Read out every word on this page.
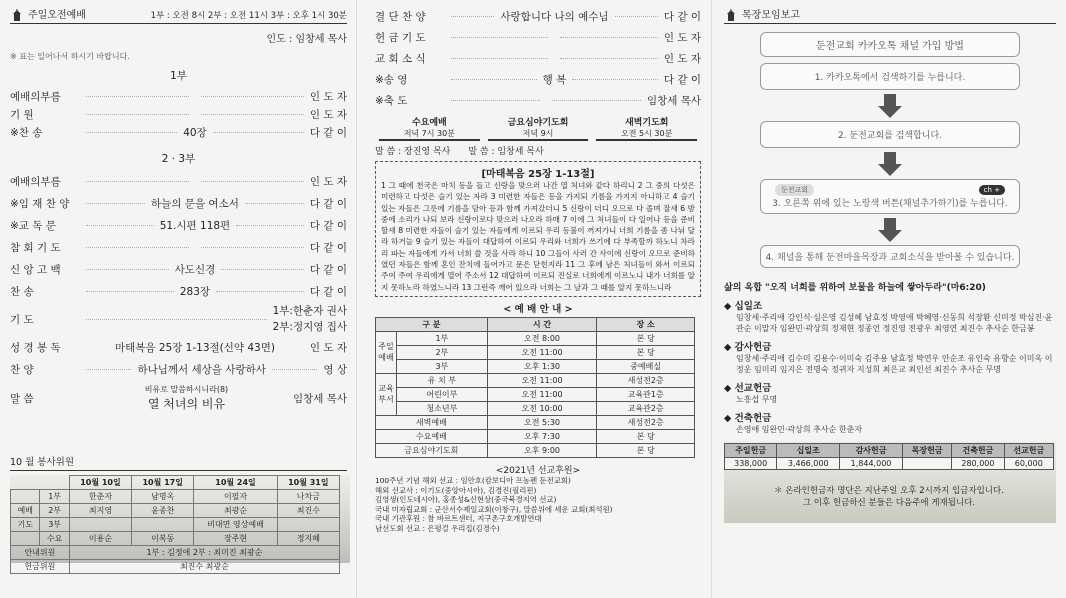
주일오전예배	1부 : 오전 8시 2부 : 오전 11시 3부 : 오후 1시 30분
인도 : 임창세 목사
※ 표는 일어나서 하시기 바랍니다.
1부
예배의부름	인 도 자
기 원	인 도 자
※찬 송	40장	다 같 이
2 · 3부
예배의부름	인 도 자
※임 재 찬 양	하늘의 문을 여소서	다 같 이
※교 독 문	51.시편 118편	다 같 이
참 회 기 도	다 같 이
신 앙 고 백	사도신경	다 같 이
찬 송	283장	다 같 이
기 도
1부:한춘자 권사
2부:정지영 집사
성 경 봉 독	마태복음 25장 1-13절(신약 43면)	인 도 자
찬 양	하나님께서 세상을 사랑하사	영 상
말 씀
비유로 말씀하시니라(8)
열 처녀의 비유	임창세 목사
10 월 봉사위원
		10월 10일	10월 17일	10월 24일	10월 31일
	1부	한춘자	남명옥	이필자	나차금
예배	2부	최지영	윤종찬	최광순	최진수
기도	3부			비대면 영상예배	
	수요	이용순	이복동	장주현	정지혜
안내위원		1부 : 김정애 2부 : 최미진 최광순			
헌금위원		최진수 최광순			
결 단 찬 양	사랑합니다 나의 예수님	다 같 이
헌 금 기 도	인 도 자
교 회 소 식	인 도 자
※송 영	행 복	다 같 이
※축 도	임창세 목사
수요예배
저녁 7시 30분
금요심야기도회
저녁 9시
새벽기도회
오전 5시 30분
말 씀 : 장진영 목사 말 씀 : 임창세 목사
[마태복음 25장 1-13절]
1 그 때에 천국은 마치 등을 들고 신랑을 맞으러 나간 열 처녀와 같다 하리니 2 그 중의 다섯은 미련하고 다섯은 슬기 있는 자라 3 미련한 자들은 등을 가지되 기름을 가지지 아니하고 4 슬기 있는 자들은 그릇에 기름을 담아 등과 함께 가져갔더니 5 신랑이 더디 오므로 다 졸며 잘새 6 밤중에 소리가 나되 보라 신랑이로다 맞으러 나오라 하매 7 이에 그 처녀들이 다 일어나 등을 준비할새 8 미련한 자들이 슬기 있는 자들에게 이르되 우리 등불이 꺼져가니 너희 기름을 좀 나눠 달라 하거늘 9 슬기 있는 자들이 대답하여 이르되 우리와 너희가 쓰기에 다 부족할까 하노니 차라리 파는 자들에게 가서 너희 쓸 것을 사라 하니 10 그들이 사러 간 사이에 신랑이 오므로 준비하였던 자들은 함께 혼인 잔치에 들어가고 문은 닫힌지라 11 그 후에 남은 처녀들이 와서 이르되 주여 주여 우리에게 열어 주소서 12 대답하여 이르되 진실로 너희에게 이르노니 내가 너희를 알지 못하노라 하였느니라 13 그런즉 깨어 있으라 너희는 그 날과 그 때를 알지 못하느니라
< 예 배 안 내 >
구 분		시 간	장 소
주일예배	1부	오전 8:00	본 당
	2부	오전 11:00	본 당
	3부	오후 1:30	중예배실
교육부서	유 치 부	오전 11:00	새성전2층
	어린이부	오전 11:00	교육관1층
	청소년부	오전 10:00	교육관2층
새벽예배		오전 5:30	새성전2층
수요예배		오후 7:30	본 당
금요심야기도회		오후 9:00	본 당
<2021년 선교후원>
100주년 기념 해외 선교 : 임안호(캄보디아 프놈펜 둔전교회)
해외 선교사 : 이기도(중앙아시아), 김경진(필리핀)
김영생(인도네시아), 홍종성&신현상(중국북경지역 선교)
국내 미자립교회 : 군산서수제일교회(이창구), 말씀위에 세운 교회(최석원)
국내 기관후원 : 참 바르트센터, 지구촌구호개발연대
남선도회 선교 : 은평걸 우리집(김경수)
목장모임보고
둔전교회 카카오톡 채널 가입 방법
1. 카카오톡에서 검색하기를 누릅니다.
2. 둔전교회를 검색합니다.
둔전교회	ch +
3. 오른쪽 위에 있는 노랑색 버튼(채널추가하기)를 누릅니다.
4. 채널을 통해 둔전마을목장과 교회소식을 받아볼 수 있습니다.
삶의 옥합 "오직 너희를 위하여 보물을 하늘에 쌓아두라"(마6:20)
◆ 십일조
임창세·주리애 강인식·심은영 김성혜 남효정 박영애 박혜영·신동희 석장환 신미정 박심진·윤관순 이말자 임완민·곽상희 정재현 정종언 정진영 전광우 최영연 최진수 추사순 한금봉
◆ 감사헌금
임창세·주리애 김수미 김용수·이미숙 김주용 남효정 박연우 안순조 유인숙 유향순 이미옥 이정운 임미리 임지은 전명숙 정귀자 지성희 최은교 최인선 최진수 추사순 무명
◆ 선교헌금
노흥섭 무명
◆ 건축헌금
손영애 임완민·곽상희 추사순 한춘자
주일헌금	십일조	감사헌금	목장헌금	건축헌금	선교헌금
338,000	3,466,000	1,844,000		280,000	60,000
＊ 온라인헌금자 명단은 지난주일 오후 2시까지 입금자입니다.
그 이후 헌금하신 분들은 다음주에 게재됩니다.
